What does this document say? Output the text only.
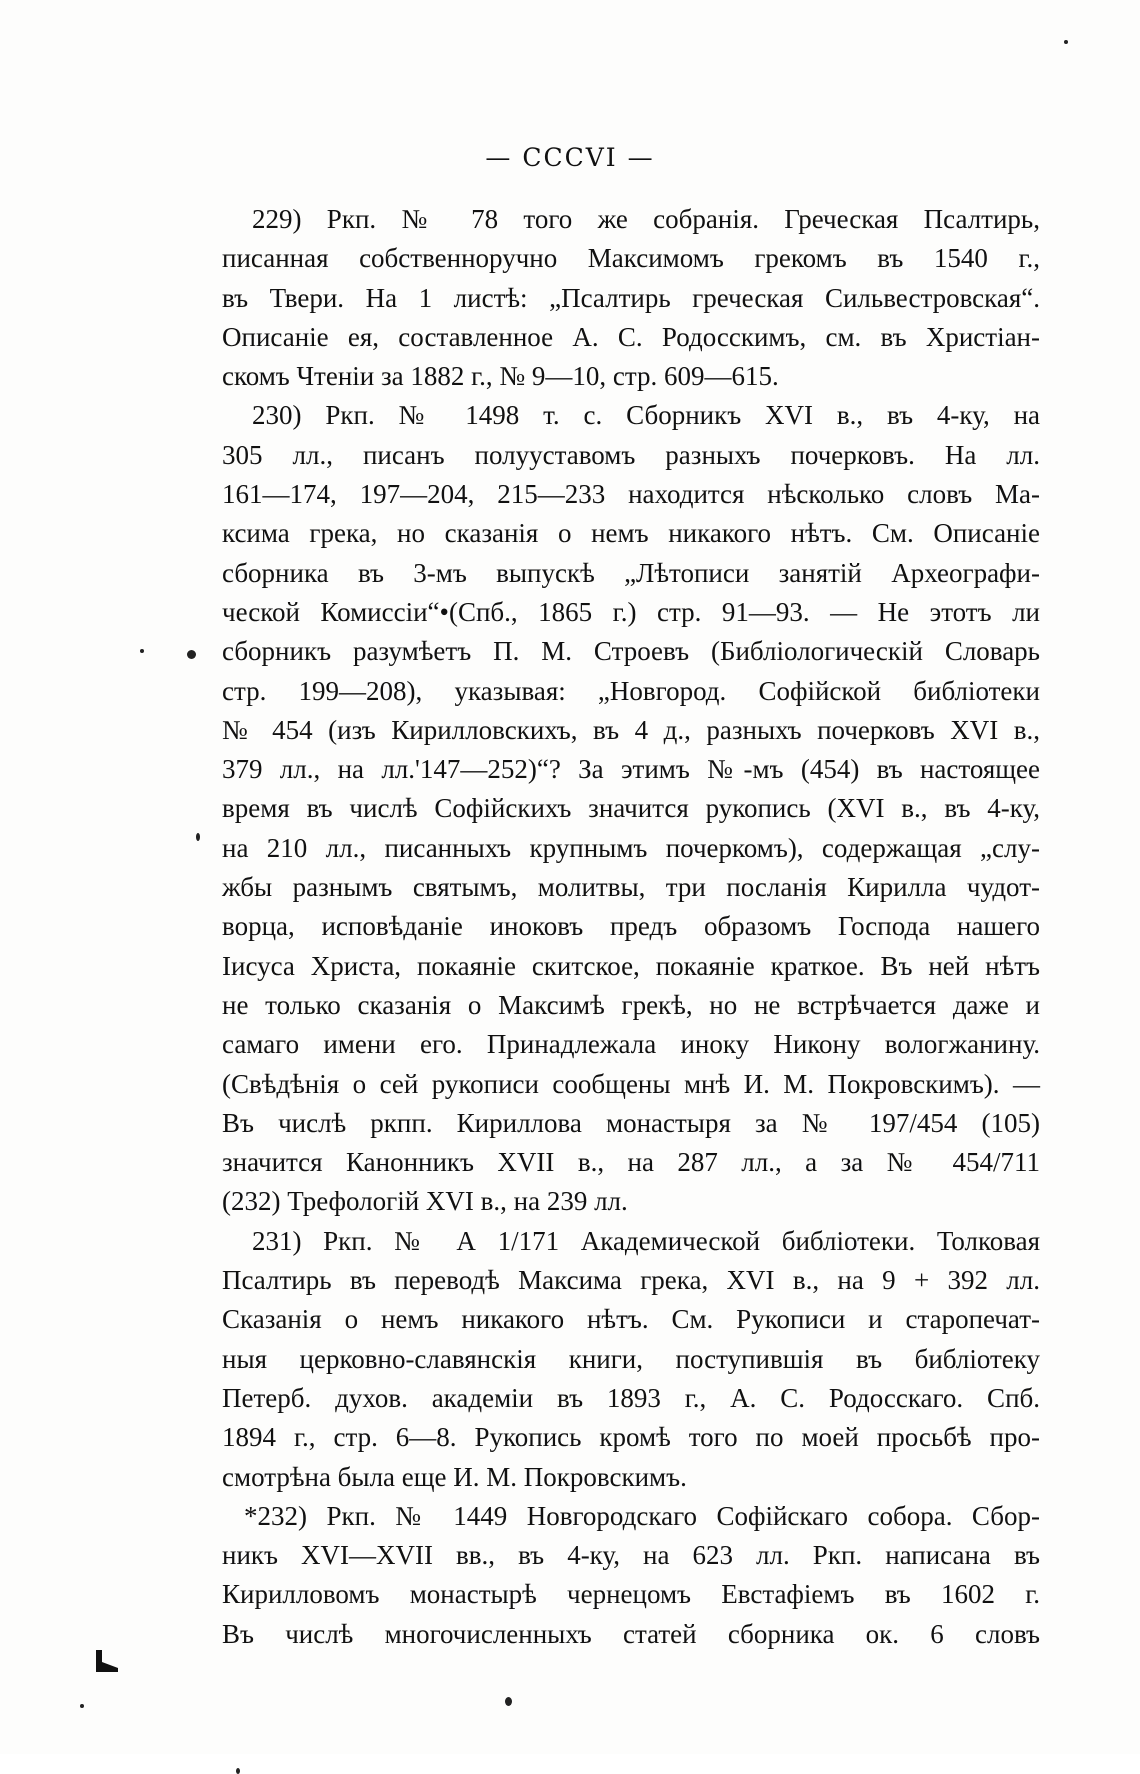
— CCCVI —
229) Ркп. № 78 того же собранія. Греческая Псалтирь,
писанная собственноручно Максимомъ грекомъ въ 1540 г.,
въ Твери. На 1 листѣ: „Псалтирь греческая Сильвестровская“.
Описаніе ея, составленное А. С. Родосскимъ, см. въ Христіан-
скомъ Чтеніи за 1882 г., № 9—10, стр. 609—615.
230) Ркп. № 1498 т. с. Сборникъ XVI в., въ 4-ку, на
305 лл., писанъ полууставомъ разныхъ почерковъ. На лл.
161—174, 197—204, 215—233 находится нѣсколько словъ Ма-
ксима грека, но сказанія о немъ никакого нѣтъ. См. Описаніе
сборника въ 3-мъ выпускѣ „Лѣтописи занятій Археографи-
ческой Комиссіи“•(Спб., 1865 г.) стр. 91—93. — Не этотъ ли
сборникъ разумѣетъ П. М. Строевъ (Библіологическій Словарь
стр. 199—208), указывая: „Новгород. Софійской библіотеки
№ 454 (изъ Кирилловскихъ, въ 4 д., разныхъ почерковъ XVI в.,
379 лл., на лл.'147—252)“? За этимъ №-мъ (454) въ настоящее
время въ числѣ Софійскихъ значится рукопись (XVI в., въ 4-ку,
на 210 лл., писанныхъ крупнымъ почеркомъ), содержащая „слу-
жбы разнымъ святымъ, молитвы, три посланія Кирилла чудот-
ворца, исповѣданіе иноковъ предъ образомъ Господа нашего
Іисуса Христа, покаяніе скитское, покаяніе краткое. Въ ней нѣтъ
не только сказанія о Максимѣ грекѣ, но не встрѣчается даже и
самаго имени его. Принадлежала иноку Никону вологжанину.
(Свѣдѣнія о сей рукописи сообщены мнѣ И. М. Покровскимъ). —
Въ числѣ ркпп. Кириллова монастыря за № 197/454 (105)
значится Канонникъ XVII в., на 287 лл., а за № 454/711
(232) Трефологій XVI в., на 239 лл.
231) Ркп. № А 1/171 Академической библіотеки. Толковая
Псалтирь въ переводѣ Максима грека, XVI в., на 9 + 392 лл.
Сказанія о немъ никакого нѣтъ. См. Рукописи и старопечат-
ныя церковно-славянскія книги, поступившія въ библіотеку
Петерб. духов. академіи въ 1893 г., А. С. Родосскаго. Спб.
1894 г., стр. 6—8. Рукопись кромѣ того по моей просьбѣ про-
смотрѣна была еще И. М. Покровскимъ.
*232) Ркп. № 1449 Новгородскаго Софійскаго собора. Сбор-
никъ XVI—XVII вв., въ 4-ку, на 623 лл. Ркп. написана въ
Кирилловомъ монастырѣ чернецомъ Евстафіемъ въ 1602 г.
Въ числѣ многочисленныхъ статей сборника ок. 6 словъ
